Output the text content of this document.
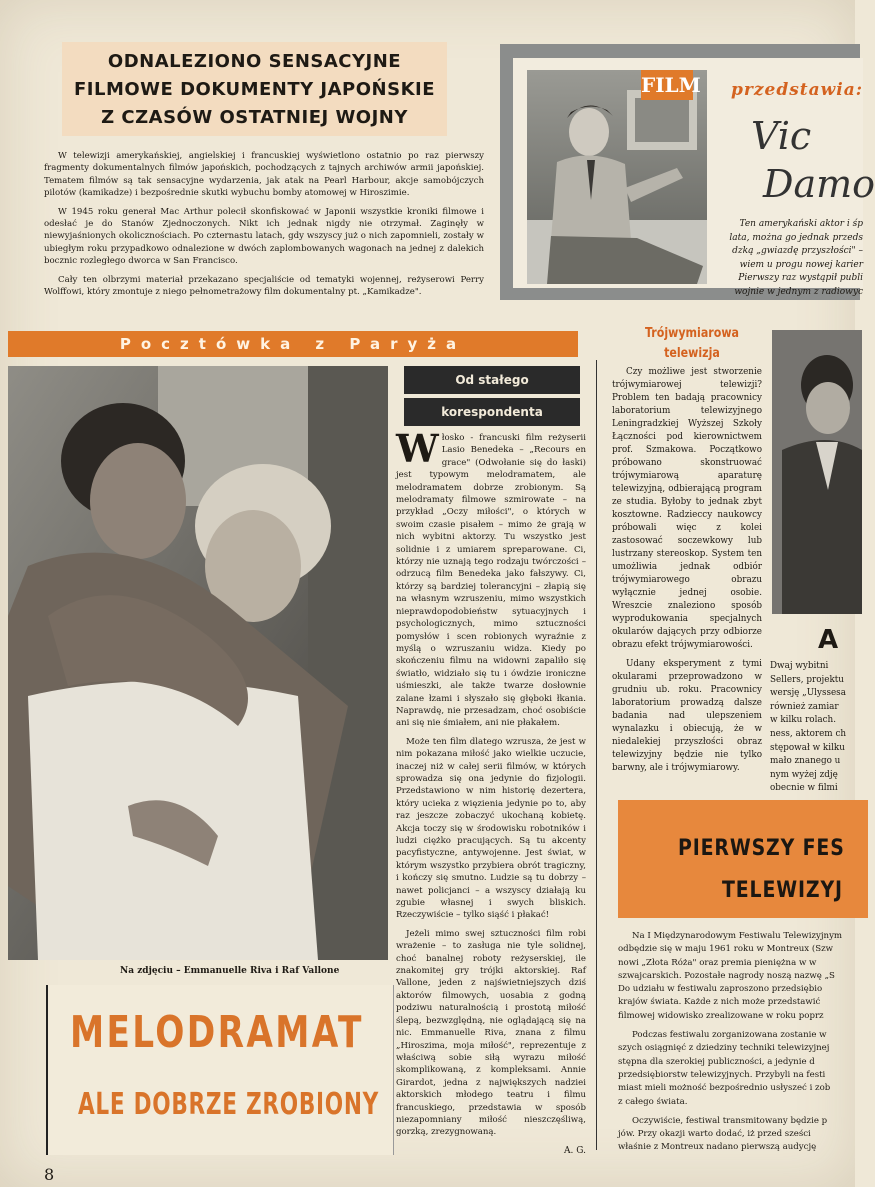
ODNALEZIONO SENSACYJNE
FILMOWE DOKUMENTY JAPOŃSKIE
Z CZASÓW OSTATNIEJ WOJNY

W telewizji amerykańskiej, angielskiej i francuskiej wyświetlono ostatnio po raz pierwszy fragmenty dokumentalnych filmów japońskich, pochodzących z tajnych archiwów armii japońskiej. Tematem filmów są tak sensacyjne wydarzenia, jak atak na Pearl Harbour, akcje samobójczych pilotów (kamikadze) i bezpośrednie skutki wybuchu bomby atomowej w Hiroszimie.

W 1945 roku generał Mac Arthur polecił skonfiskować w Japonii wszystkie kroniki filmowe i odesłać je do Stanów Zjednoczonych. Nikt ich jednak nigdy nie otrzymał. Zaginęły w niewyjaśnionych okolicznościach. Po czternastu latach, gdy wszyscy już o nich zapomnieli, zostały w ubiegłym roku przypadkowo odnalezione w dwóch zaplombowanych wagonach na jednej z dalekich bocznic rozległego dworca w San Francisco.

Cały ten olbrzymi materiał przekazano specjaliście od tematyki wojennej, reżyserowi Perry Wolffowi, który zmontuje z niego pełnometrażowy film dokumentalny pt. „Kamikadze".

FILM przedstawia:
Vic
Damo
Ten amerykański aktor i śp
lata, można go jednak przeds
dzką „gwiazdę przyszłości" –
wiem u progu nowej karier
Pierwszy raz wystąpił publi
wojnie w jednym z radiowyc
Pocztówka z Paryża
Na zdjęciu – Emmanuelle Riva i Raf Vallone
MELODRAMAT
ALE DOBRZE ZROBIONY
Od stałego
korespondenta

Włosko - francuski film reżyserii Lasio Benedeka – „Recours en grace" (Odwołanie się do łaski) jest typowym melodramatem, ale melodramatem dobrze zrobionym. Są melodramaty filmowe szmirowate – na przykład „Oczy miłości", o których w swoim czasie pisałem – mimo że grają w nich wybitni aktorzy. Tu wszystko jest solidnie i z umiarem spreparowane. Ci, którzy nie uznają tego rodzaju twórczości – odrzucą film Benedeka jako fałszywy. Ci, którzy są bardziej tolerancyjni – złapią się na własnym wzruszeniu, mimo wszystkich nieprawdopodobieństw sytuacyjnych i psychologicznych, mimo sztuczności pomysłów i scen robionych wyraźnie z myślą o wzruszaniu widza. Kiedy po skończeniu filmu na widowni zapaliło się światło, widziało się tu i ówdzie ironiczne uśmieszki, ale także twarze dosłownie zalane łzami i słyszało się głęboki łkania. Naprawdę, nie przesadzam, choć osobiście ani się nie śmiałem, ani nie płakałem.

Może ten film dlatego wzrusza, że jest w nim pokazana miłość jako wielkie uczucie, inaczej niż w całej serii filmów, w których sprowadza się ona jedynie do fizjologii. Przedstawiono w nim historię dezertera, który ucieka z więzienia jedynie po to, aby raz jeszcze zobaczyć ukochaną kobietę. Akcja toczy się w środowisku robotników i ludzi ciężko pracujących. Są tu akcenty pacyfistyczne, antywojenne. Jest świat, w którym wszystko przybiera obrót tragiczny, i kończy się smutno. Ludzie są tu dobrzy – nawet policjanci – a wszyscy działają ku zgubie własnej i swych bliskich. Rzeczywiście – tylko siąść i płakać!

Jeżeli mimo swej sztuczności film robi wrażenie – to zasługa nie tyle solidnej, choć banalnej roboty reżyserskiej, ile znakomitej gry trójki aktorskiej. Raf Vallone, jeden z najświetniejszych dziś aktorów filmowych, uosabia z godną podziwu naturalnością i prostotą miłość ślepą, bezwzględną, nie oglądającą się na nic. Emmanuelle Riva, znana z filmu „Hiroszima, moja miłość", reprezentuje z właściwą sobie siłą wyrazu miłość skomplikowaną, z kompleksami. Annie Girardot, jedna z największych nadziei aktorskich młodego teatru i filmu francuskiego, przedstawia w sposób niezapomniany miłość nieszczęśliwą, gorzką, zrezygnowaną.

A. G.
Trójwymiarowa
telewizja

Czy możliwe jest stworzenie trójwymiarowej telewizji? Problem ten badają pracownicy laboratorium telewizyjnego Leningradzkiej Wyższej Szkoły Łączności pod kierownictwem prof. Szmakowa. Początkowo próbowano skonstruować trójwymiarową aparaturę telewizyjną, odbierającą program ze studia. Byłoby to jednak zbyt kosztowne. Radzieccy naukowcy próbowali więc z kolei zastosować soczewkowy lub lustrzany stereoskop. System ten umożliwia jednak odbiór trójwymiarowego obrazu wyłącznie jednej osobie. Wreszcie znaleziono sposób wyprodukowania specjalnych okularów dających przy odbiorze obrazu efekt trójwymiarowości.

Udany eksperyment z tymi okularami przeprowadzono w grudniu ub. roku. Pracownicy laboratorium prowadzą dalsze badania nad ulepszeniem wynalazku i obiecują, że w niedalekiej przyszłości obraz telewizyjny będzie nie tylko barwny, ale i trójwymiarowy.

A
Dwaj wybitni
Sellers, projektu
wersję „Ulyssesa
również zamiar
w kilku rolach.
ness, aktorem ch
stępował w kilku
mało znanego u
nym wyżej zdję
obecnie w filmi
PIERWSZY FES
TELEWIZYJ
Na I Międzynarodowym Festiwalu Telewizyjnym
odbędzie się w maju 1961 roku w Montreux (Szw
nowi „Złota Róża" oraz premia pieniężna w w
szwajcarskich. Pozostałe nagrody noszą nazwę „S
Do udziału w festiwalu zaproszono przedsiębio
krajów świata. Każde z nich może przedstawić
filmowej widowisko zrealizowane w roku poprz
Podczas festiwalu zorganizowana zostanie w
szych osiągnięć z dziedziny techniki telewizyjnej
stępna dla szerokiej publiczności, a jedynie d
przedsiębiorstw telewizyjnych. Przybyli na festi
miast mieli możność bezpośrednio usłyszeć i zob
z całego świata.
Oczywiście, festiwal transmitowany będzie p
jów. Przy okazji warto dodać, iż przed sześci
właśnie z Montreux nadano pierwszą audycję
8
